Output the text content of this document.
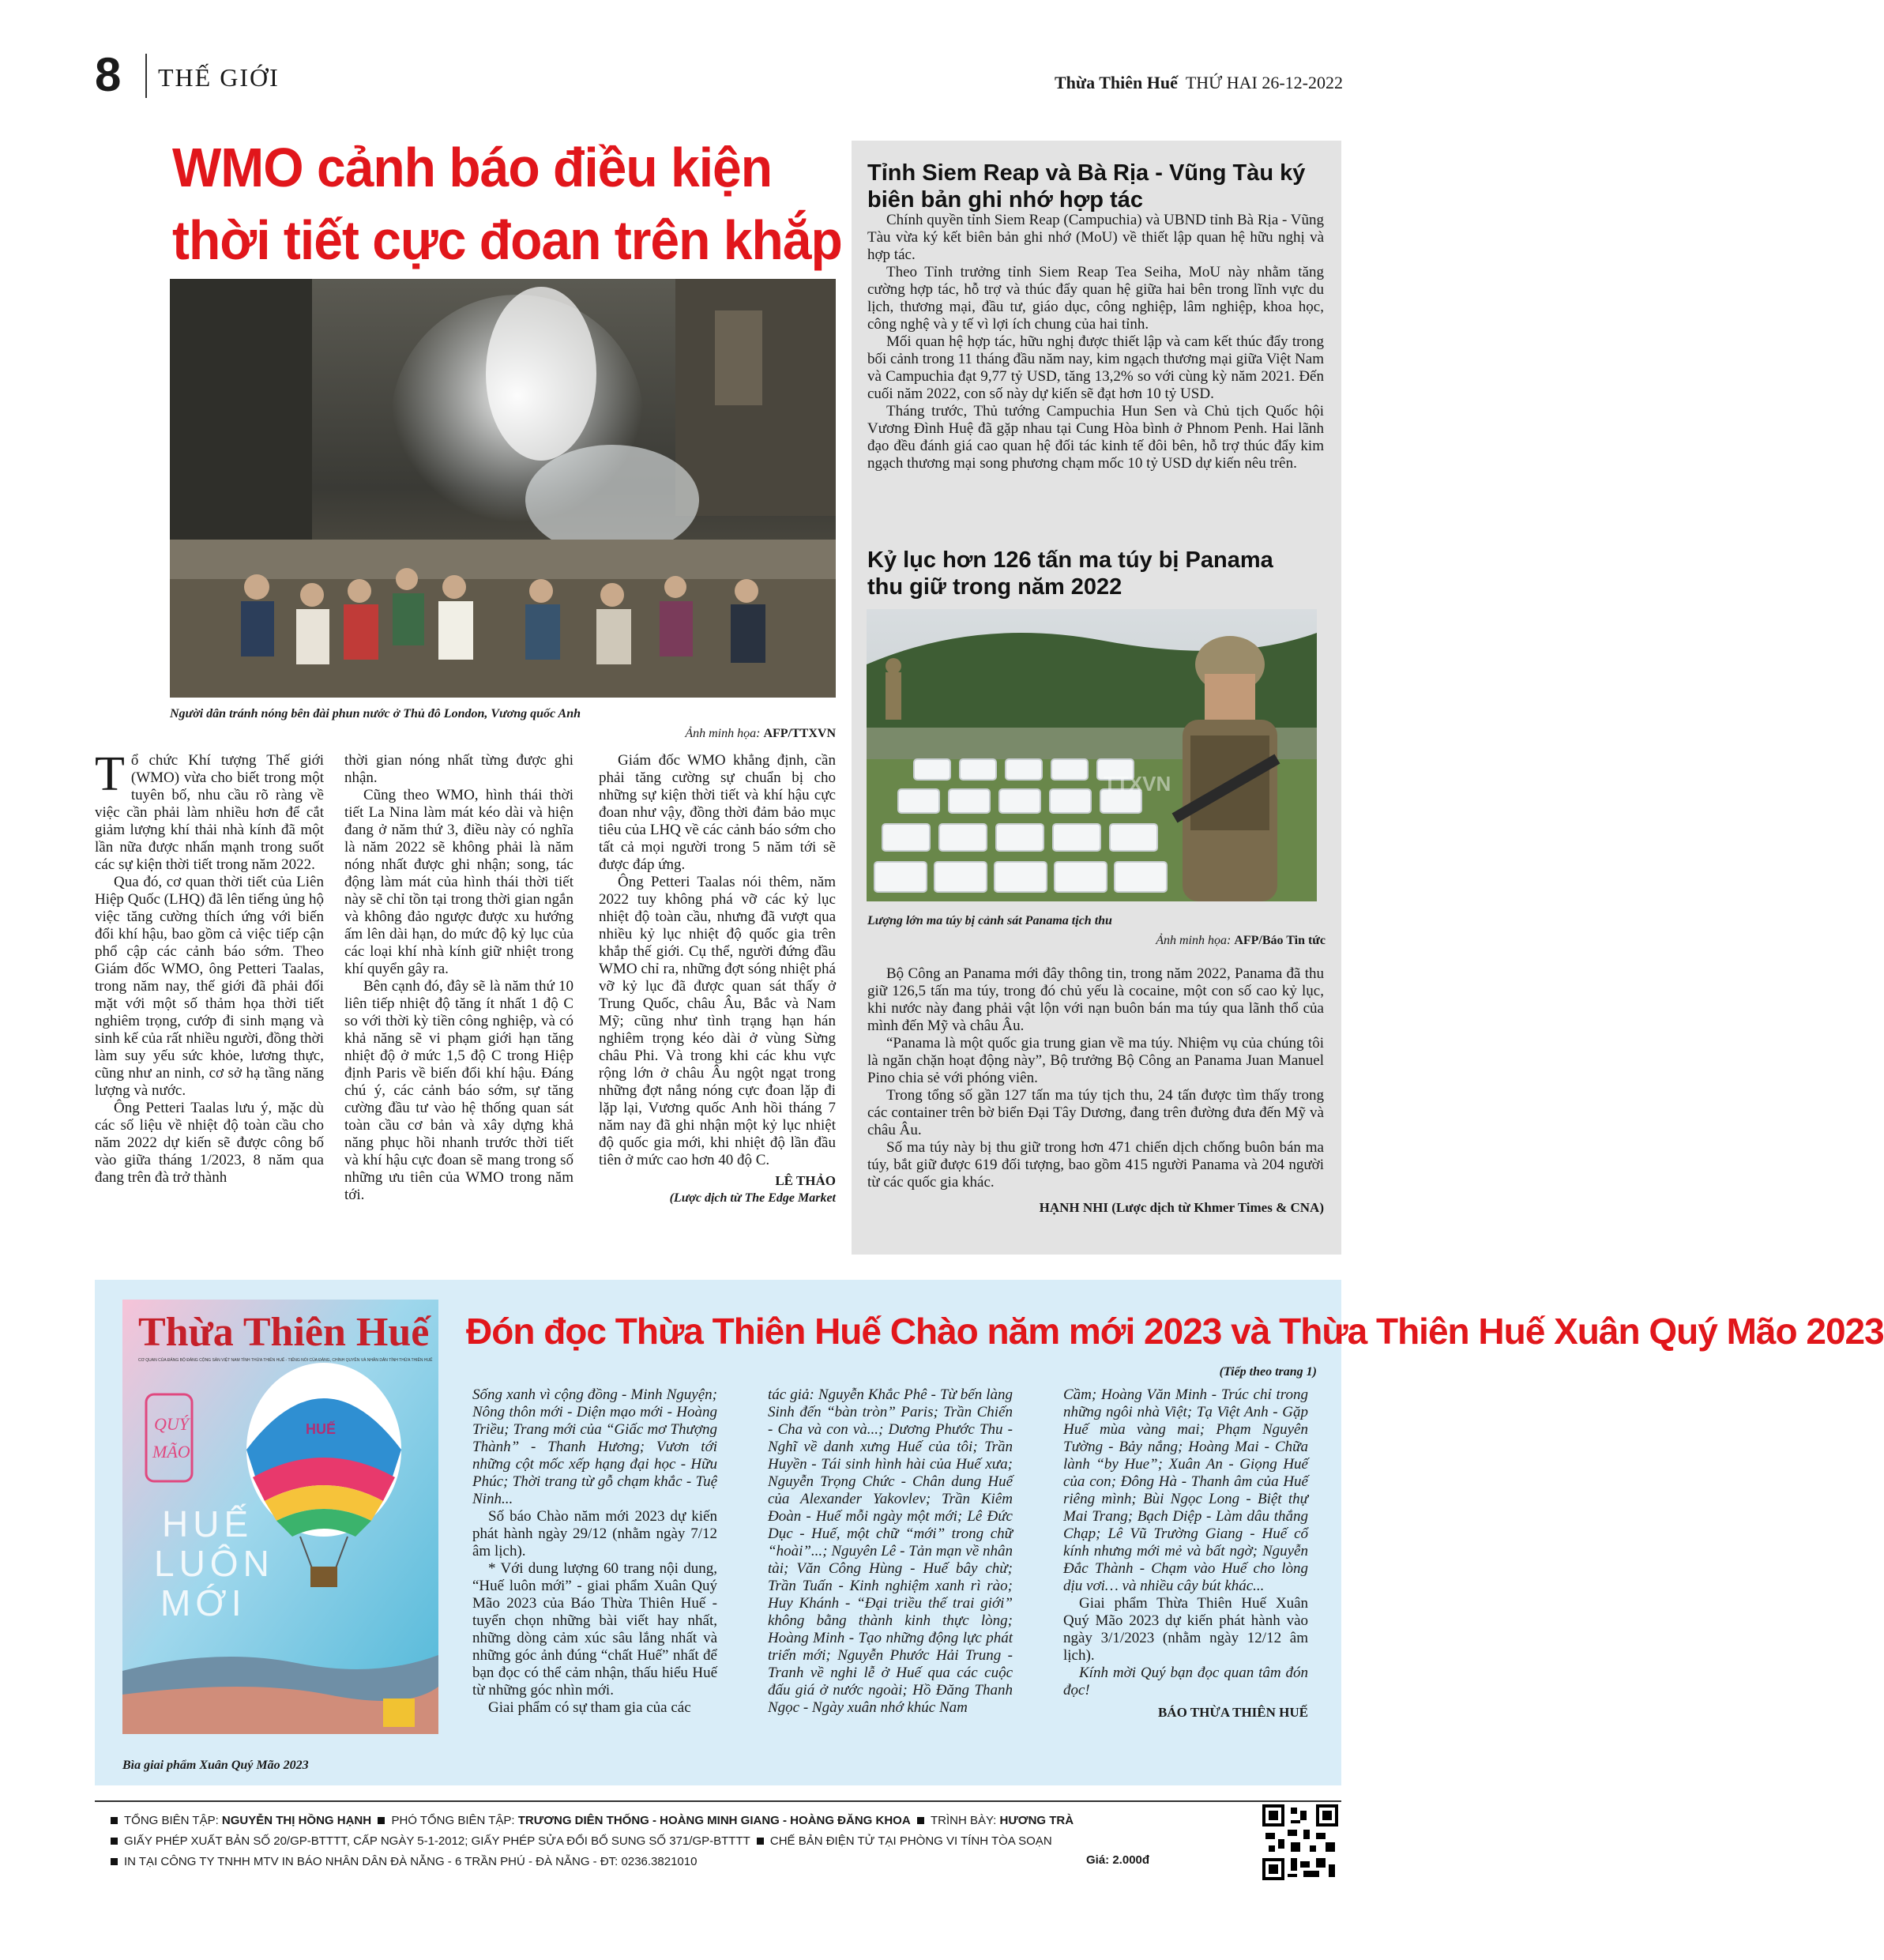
8 THẾ GIỚI	Thừa Thiên Huế THỨ HAI 26-12-2022
WMO cảnh báo điều kiện thời tiết cực đoan trên khắp
Người dân tránh nóng bên đài phun nước ở Thủ đô London, Vương quốc Anh
Ảnh minh họa: AFP/TTXVN

Tổ chức Khí tượng Thế giới (WMO) vừa cho biết trong một tuyên bố, nhu cầu rõ ràng về việc cần phải làm nhiều hơn để cắt giảm lượng khí thải nhà kính đã một lần nữa được nhấn mạnh trong suốt các sự kiện thời tiết trong năm 2022.

Qua đó, cơ quan thời tiết của Liên Hiệp Quốc (LHQ) đã lên tiếng ủng hộ việc tăng cường thích ứng với biến đổi khí hậu, bao gồm cả việc tiếp cận phổ cập các cảnh báo sớm. Theo Giám đốc WMO, ông Petteri Taalas, trong năm nay, thế giới đã phải đối mặt với một số thảm họa thời tiết nghiêm trọng, cướp đi sinh mạng và sinh kế của rất nhiều người, đồng thời làm suy yếu sức khỏe, lương thực, cũng như an ninh, cơ sở hạ tầng năng lượng và nước.

Ông Petteri Taalas lưu ý, mặc dù các số liệu về nhiệt độ toàn cầu cho năm 2022 dự kiến sẽ được công bố vào giữa tháng 1/2023, 8 năm qua đang trên đà trở thành

thời gian nóng nhất từng được ghi nhận.

Cũng theo WMO, hình thái thời tiết La Nina làm mát kéo dài và hiện đang ở năm thứ 3, điều này có nghĩa là năm 2022 sẽ không phải là năm nóng nhất được ghi nhận; song, tác động làm mát của hình thái thời tiết này sẽ chỉ tồn tại trong thời gian ngắn và không đảo ngược được xu hướng ấm lên dài hạn, do mức độ kỷ lục của các loại khí nhà kính giữ nhiệt trong khí quyển gây ra.

Bên cạnh đó, đây sẽ là năm thứ 10 liên tiếp nhiệt độ tăng ít nhất 1 độ C so với thời kỳ tiền công nghiệp, và có khả năng sẽ vi phạm giới hạn tăng nhiệt độ ở mức 1,5 độ C trong Hiệp định Paris về biến đổi khí hậu. Đáng chú ý, các cảnh báo sớm, sự tăng cường đầu tư vào hệ thống quan sát toàn cầu cơ bản và xây dựng khả năng phục hồi nhanh trước thời tiết và khí hậu cực đoan sẽ mang trong số những ưu tiên của WMO trong năm tới.

Giám đốc WMO khẳng định, cần phải tăng cường sự chuẩn bị cho những sự kiện thời tiết và khí hậu cực đoan như vậy, đồng thời đảm bảo mục tiêu của LHQ về các cảnh báo sớm cho tất cả mọi người trong 5 năm tới sẽ được đáp ứng.

Ông Petteri Taalas nói thêm, năm 2022 tuy không phá vỡ các kỷ lục nhiệt độ toàn cầu, nhưng đã vượt qua nhiều kỷ lục nhiệt độ quốc gia trên khắp thế giới. Cụ thể, người đứng đầu WMO chỉ ra, những đợt sóng nhiệt phá vỡ kỷ lục đã được quan sát thấy ở Trung Quốc, châu Âu, Bắc và Nam Mỹ; cũng như tình trạng hạn hán nghiêm trọng kéo dài ở vùng Sừng châu Phi. Và trong khi các khu vực rộng lớn ở châu Âu ngột ngạt trong những đợt nắng nóng cực đoan lặp đi lặp lại, Vương quốc Anh hồi tháng 7 năm nay đã ghi nhận một kỷ lục nhiệt độ quốc gia mới, khi nhiệt độ lần đầu tiên ở mức cao hơn 40 độ C.

LÊ THẢO

(Lược dịch từ The Edge Market

Tỉnh Siem Reap và Bà Rịa - Vũng Tàu ký biên bản ghi nhớ hợp tác

Chính quyền tỉnh Siem Reap (Campuchia) và UBND tỉnh Bà Rịa - Vũng Tàu vừa ký kết biên bản ghi nhớ (MoU) về thiết lập quan hệ hữu nghị và hợp tác.

Theo Tỉnh trưởng tỉnh Siem Reap Tea Seiha, MoU này nhằm tăng cường hợp tác, hỗ trợ và thúc đẩy quan hệ giữa hai bên trong lĩnh vực du lịch, thương mại, đầu tư, giáo dục, công nghiệp, lâm nghiệp, khoa học, công nghệ và y tế vì lợi ích chung của hai tỉnh.

Mối quan hệ hợp tác, hữu nghị được thiết lập và cam kết thúc đẩy trong bối cảnh trong 11 tháng đầu năm nay, kim ngạch thương mại giữa Việt Nam và Campuchia đạt 9,77 tỷ USD, tăng 13,2% so với cùng kỳ năm 2021. Đến cuối năm 2022, con số này dự kiến sẽ đạt hơn 10 tỷ USD.

Tháng trước, Thủ tướng Campuchia Hun Sen và Chủ tịch Quốc hội Vương Đình Huệ đã gặp nhau tại Cung Hòa bình ở Phnom Penh. Hai lãnh đạo đều đánh giá cao quan hệ đối tác kinh tế đôi bên, hỗ trợ thúc đẩy kim ngạch thương mại song phương chạm mốc 10 tỷ USD dự kiến nêu trên.

Kỷ lục hơn 126 tấn ma túy bị Panama thu giữ trong năm 2022
TTXVN
Lượng lớn ma túy bị cảnh sát Panama tịch thu
Ảnh minh họa: AFP/Báo Tin tức

Bộ Công an Panama mới đây thông tin, trong năm 2022, Panama đã thu giữ 126,5 tấn ma túy, trong đó chủ yếu là cocaine, một con số cao kỷ lục, khi nước này đang phải vật lộn với nạn buôn bán ma túy qua lãnh thổ của mình đến Mỹ và châu Âu.

“Panama là một quốc gia trung gian về ma túy. Nhiệm vụ của chúng tôi là ngăn chặn hoạt động này”, Bộ trưởng Bộ Công an Panama Juan Manuel Pino chia sẻ với phóng viên.

Trong tổng số gần 127 tấn ma túy tịch thu, 24 tấn được tìm thấy trong các container trên bờ biển Đại Tây Dương, đang trên đường đưa đến Mỹ và châu Âu.

Số ma túy này bị thu giữ trong hơn 471 chiến dịch chống buôn bán ma túy, bắt giữ được 619 đối tượng, bao gồm 415 người Panama và 204 người từ các quốc gia khác.

HẠNH NHI (Lược dịch từ Khmer Times & CNA)

Thừa Thiên Huế
CƠ QUAN CỦA ĐẢNG BỘ ĐẢNG CỘNG SẢN VIỆT NAM TỈNH THỪA THIÊN HUẾ - TIẾNG NÓI CỦA ĐẢNG, CHÍNH QUYỀN VÀ NHÂN DÂN TỈNH THỪA THIÊN HUẾ
QUÝ
MÃO
HUẾ
HUẾ
LUÔN
MỚI
Bìa giai phẩm Xuân Quý Mão 2023
Đón đọc Thừa Thiên Huế Chào năm mới 2023 và Thừa Thiên Huế Xuân Quý Mão 2023
(Tiếp theo trang 1)

Sống xanh vì cộng đồng - Minh Nguyện; Nông thôn mới - Diện mạo mới - Hoàng Triều; Trang mới của “Giấc mơ Thượng Thành” - Thanh Hương; Vươn tới những cột mốc xếp hạng đại học - Hữu Phúc; Thời trang từ gỗ chạm khắc - Tuệ Ninh...

Số báo Chào năm mới 2023 dự kiến phát hành ngày 29/12 (nhằm ngày 7/12 âm lịch).

* Với dung lượng 60 trang nội dung, “Huế luôn mới” - giai phẩm Xuân Quý Mão 2023 của Báo Thừa Thiên Huế - tuyển chọn những bài viết hay nhất, những dòng cảm xúc sâu lắng nhất và những góc ảnh đúng “chất Huế” nhất để bạn đọc có thể cảm nhận, thấu hiểu Huế từ những góc nhìn mới.

Giai phẩm có sự tham gia của các

tác giả: Nguyễn Khắc Phê - Từ bến làng Sinh đến “bàn tròn” Paris; Trần Chiến - Cha và con và...; Dương Phước Thu - Nghĩ về danh xưng Huế của tôi; Trần Huyền - Tái sinh hình hài của Huế xưa; Nguyễn Trọng Chức - Chân dung Huế của Alexander Yakovlev; Trần Kiêm Đoàn - Huế mỗi ngày một mới; Lê Đức Dục - Huế, một chữ “mới” trong chữ “hoài”...; Nguyên Lê - Tản mạn về nhân tài; Văn Công Hùng - Huế bây chừ; Trần Tuấn - Kinh nghiệm xanh rì rào; Huy Khánh - “Đại triều thế trai giới” không bằng thành kinh thực lòng; Hoàng Minh - Tạo những động lực phát triển mới; Nguyễn Phước Hải Trung - Tranh về nghi lễ ở Huế qua các cuộc đấu giá ở nước ngoài; Hồ Đăng Thanh Ngọc - Ngày xuân nhớ khúc Nam

Cầm; Hoàng Văn Minh - Trúc chỉ trong những ngôi nhà Việt; Tạ Việt Anh - Gặp Huế mùa vàng mai; Phạm Nguyên Tường - Bảy nắng; Hoàng Mai - Chữa lành “by Hue”; Xuân An - Giọng Huế của con; Đông Hà - Thanh âm của Huế riêng mình; Bùi Ngọc Long - Biệt thự Mai Trang; Bạch Diệp - Làm dâu thắng Chạp; Lê Vũ Trường Giang - Huế cổ kính nhưng mới mẻ và bất ngờ; Nguyễn Đắc Thành - Chạm vào Huế cho lòng dịu vơi… và nhiều cây bút khác...

Giai phẩm Thừa Thiên Huế Xuân Quý Mão 2023 dự kiến phát hành vào ngày 3/1/2023 (nhằm ngày 12/12 âm lịch).

Kính mời Quý bạn đọc quan tâm đón đọc!

BÁO THỪA THIÊN HUẾ

TỔNG BIÊN TẬP: NGUYỄN THỊ HỒNG HẠNH PHÓ TỔNG BIÊN TẬP: TRƯƠNG DIÊN THỐNG - HOÀNG MINH GIANG - HOÀNG ĐĂNG KHOA TRÌNH BÀY: HƯƠNG TRÀ
GIẤY PHÉP XUẤT BẢN SỐ 20/GP-BTTTT, CẤP NGÀY 5-1-2012; GIẤY PHÉP SỬA ĐỔI BỔ SUNG SỐ 371/GP-BTTTT CHẾ BẢN ĐIỆN TỬ TẠI PHÒNG VI TÍNH TÒA SOẠN
IN TẠI CÔNG TY TNHH MTV IN BÁO NHÂN DÂN ĐÀ NẴNG - 6 TRẦN PHÚ - ĐÀ NẴNG - ĐT: 0236.3821010	Giá: 2.000đ
